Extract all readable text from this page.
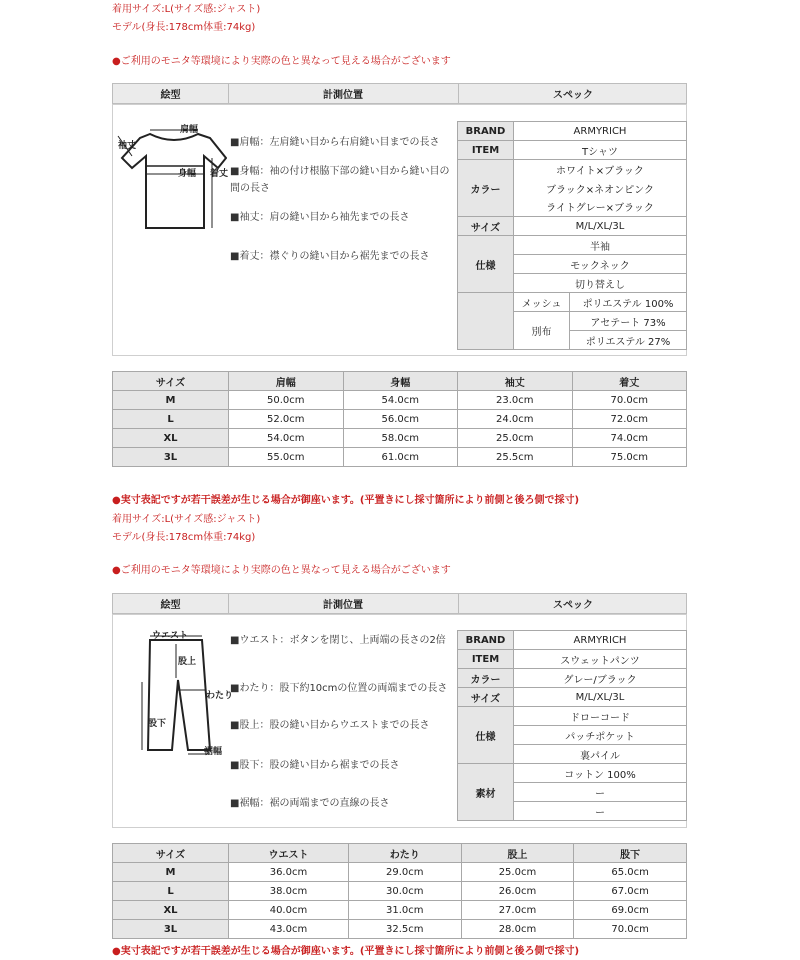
着用サイズ:L(サイズ感:ジャスト)
モデル(身長:178cm体重:74kg)
●ご利用のモニタ等環境により実際の色と異なって見える場合がございます
絵型	計測位置	スペック
肩幅
袖丈
身幅 着丈
■肩幅：左肩縫い目から右肩縫い目までの長さ
■身幅：袖の付け根脇下部の縫い目から縫い目の間の長さ
■袖丈：肩の縫い目から袖先までの長さ
■着丈：襟ぐりの縫い目から裾先までの長さ
BRAND	ARMYRICH	
ITEM	Tシャツ	
カラー	ホワイト×ブラック	
	ブラック×ネオンピンク	
	ライトグレー×ブラック	
サイズ	M/L/XL/3L	
仕様	半袖	
	モックネック	
	切り替えし	
	メッシュ	ポリエステル 100%
	別布	アセテート 73%
		ポリエステル 27%
サイズ	肩幅	身幅	袖丈	着丈
M	50.0cm	54.0cm	23.0cm	70.0cm
L	52.0cm	56.0cm	24.0cm	72.0cm
XL	54.0cm	58.0cm	25.0cm	74.0cm
3L	55.0cm	61.0cm	25.5cm	75.0cm
●実寸表記ですが若干誤差が生じる場合が御座います。(平置きにし採寸箇所により前側と後ろ側で採寸)
着用サイズ:L(サイズ感:ジャスト)
モデル(身長:178cm体重:74kg)
●ご利用のモニタ等環境により実際の色と異なって見える場合がございます
絵型	計測位置	スペック
ウエスト
股上
わたり
股下
裾幅
■ウエスト：ボタンを閉じ、上両端の長さの2倍
■わたり：股下約10cmの位置の両端までの長さ
■股上：股の縫い目からウエストまでの長さ
■股下：股の縫い目から裾までの長さ
■裾幅：裾の両端までの直線の長さ
BRAND	ARMYRICH
ITEM	スウェットパンツ
カラー	グレー/ブラック
サイズ	M/L/XL/3L
仕様	ドローコード
	パッチポケット
	裏パイル
素材	コットン 100%
	ー
	ー
サイズ	ウエスト	わたり	股上	股下
M	36.0cm	29.0cm	25.0cm	65.0cm
L	38.0cm	30.0cm	26.0cm	67.0cm
XL	40.0cm	31.0cm	27.0cm	69.0cm
3L	43.0cm	32.5cm	28.0cm	70.0cm
●実寸表記ですが若干誤差が生じる場合が御座います。(平置きにし採寸箇所により前側と後ろ側で採寸)
